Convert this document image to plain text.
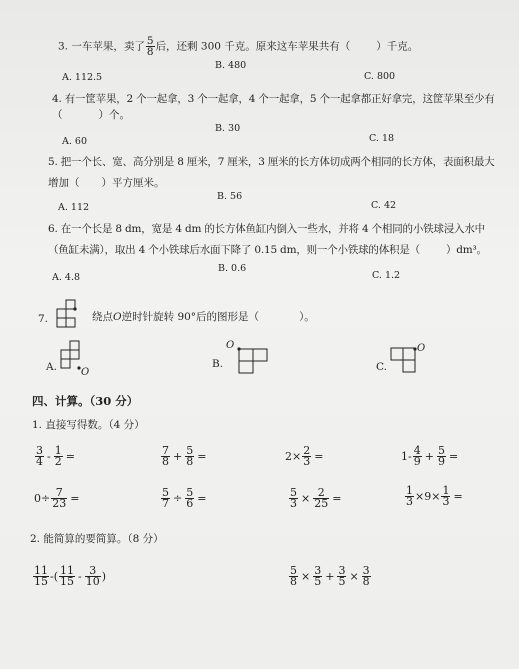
3. 一车苹果，卖了 $\frac{5}{8}$ 后，还剩 300 千克。原来这车苹果共有（ ）千克。
B. 480
A. 112.5	C. 800
4. 有一筐苹果，2 个一起拿，3 个一起拿，4 个一起拿，5 个一起拿都正好拿完，这筐苹果至少有
（	）个。
B. 30
A. 60	C. 18
5. 把一个长、宽、高分别是 8 厘米，7 厘米，3 厘米的长方体切成两个相同的长方体，表面积最大
增加（ ）平方厘米。
B. 56
A. 112	C. 42
6. 在一个长是 8 dm，宽是 4 dm 的长方体鱼缸内倒入一些水，并将 4 个相同的小铁球浸入水中
（鱼缸未满），取出 4 个小铁球后水面下降了 0.15 dm，则一个小铁球的体积是（ ）dm³。
B. 0.6
A. 4.8	C. 1.2
7.	绕点O逆时针旋转 90°后的图形是（	）。
A. O
B.
O
C.
O
四、计算。（30 分）
1. 直接写得数。（4 分）
$\frac{3}{4} - \frac{1}{2}$ =	$\frac{7}{8} + \frac{5}{8}$ =	$2\times \frac{2}{3}$ =	$1- \frac{4}{9} + \frac{5}{9}$ =
$0\div \frac{7}{23}$ =	$\frac{5}{7} \div \frac{5}{6}$ =	$\frac{5}{3} \times \frac{2}{25}$ =	$\frac{1}{3} \times 9\times \frac{1}{3}$ =
2. 能简算的要简算。（8 分）
$\frac{11}{15}$ -( $\frac{11}{15} - \frac{3}{10}$ )	$\frac{5}{8} \times \frac{3}{5} + \frac{3}{5} \times \frac{3}{8}$
